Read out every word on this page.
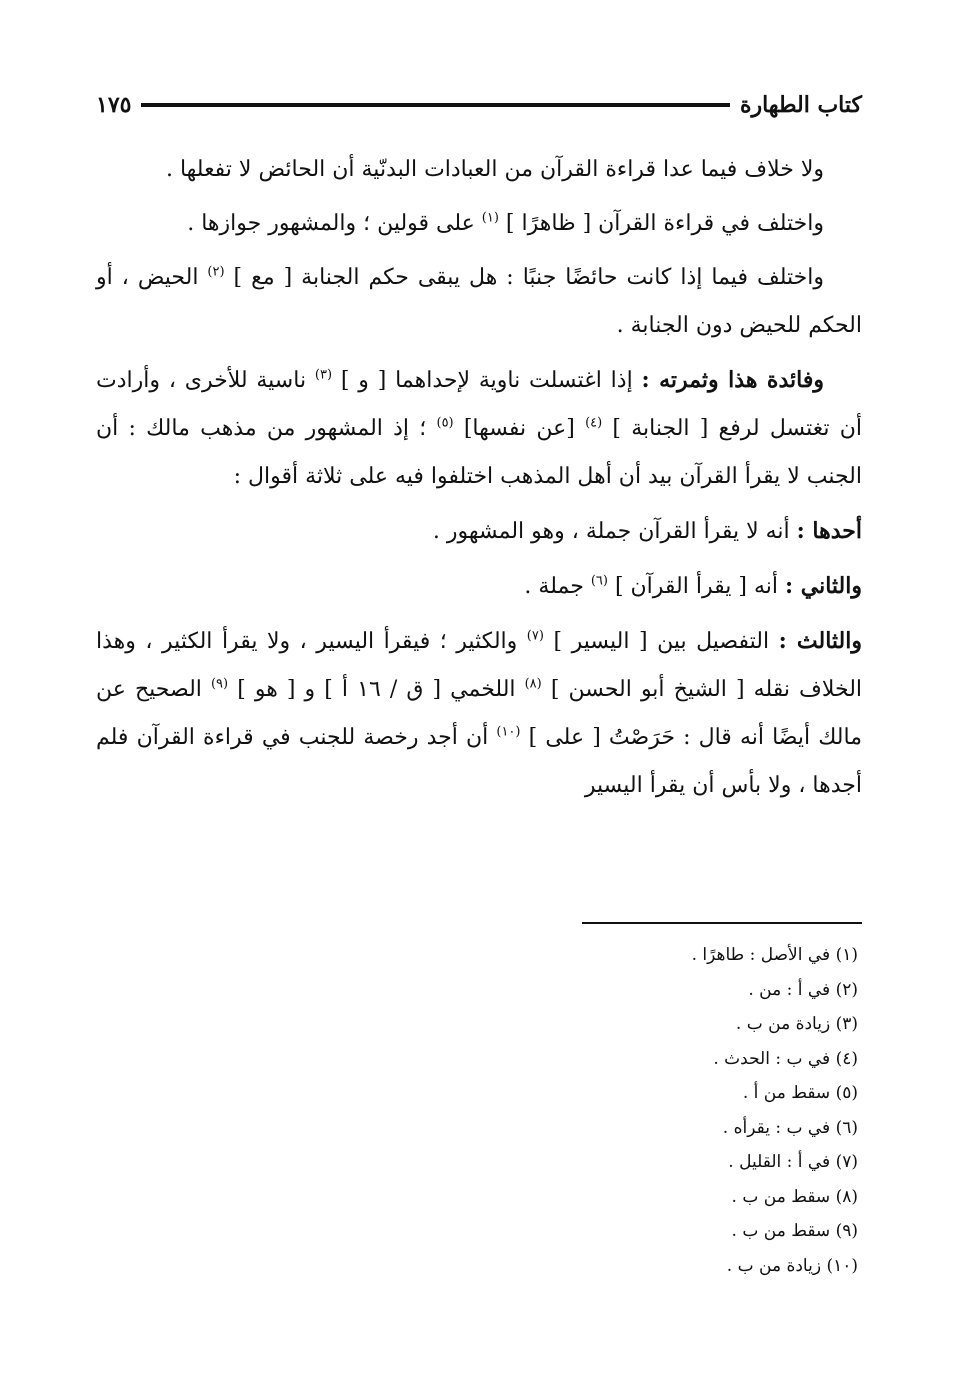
كتاب الطهارة
١٧٥

ولا خلاف فيما عدا قراءة القرآن من العبادات البدنّية أن الحائض لا تفعلها .

واختلف في قراءة القرآن [ ظاهرًا ] $^{(١)}$ على قولين ؛ والمشهور جوازها .

واختلف فيما إذا كانت حائضًا جنبًا : هل يبقى حكم الجنابة [ مع ] $^{(٢)}$ الحيض ، أو الحكم للحيض دون الجنابة .

وفائدة هذا وثمرته : إذا اغتسلت ناوية لإحداهما [ و ] $^{(٣)}$ ناسية للأخرى ، وأرادت أن تغتسل لرفع [ الجنابة ] $^{(٤)}$ [عن نفسها] $^{(٥)}$ ؛ إذ المشهور من مذهب مالك : أن الجنب لا يقرأ القرآن بيد أن أهل المذهب اختلفوا فيه على ثلاثة أقوال :

أحدها : أنه لا يقرأ القرآن جملة ، وهو المشهور .

والثاني : أنه [ يقرأ القرآن ] $^{(٦)}$ جملة .

والثالث : التفصيل بين [ اليسير ] $^{(٧)}$ والكثير ؛ فيقرأ اليسير ، ولا يقرأ الكثير ، وهذا الخلاف نقله [ الشيخ أبو الحسن ] $^{(٨)}$ اللخمي [ ق / ١٦ أ ] و [ هو ] $^{(٩)}$ الصحيح عن مالك أيضًا أنه قال : حَرَصْتُ [ على ] $^{(١٠)}$ أن أجد رخصة للجنب في قراءة القرآن فلم أجدها ، ولا بأس أن يقرأ اليسير

(١) في الأصل : طاهرًا .
(٢) في أ : من .
(٣) زيادة من ب .
(٤) في ب : الحدث .
(٥) سقط من أ .
(٦) في ب : يقرأه .
(٧) في أ : القليل .
(٨) سقط من ب .
(٩) سقط من ب .
(١٠) زيادة من ب .
